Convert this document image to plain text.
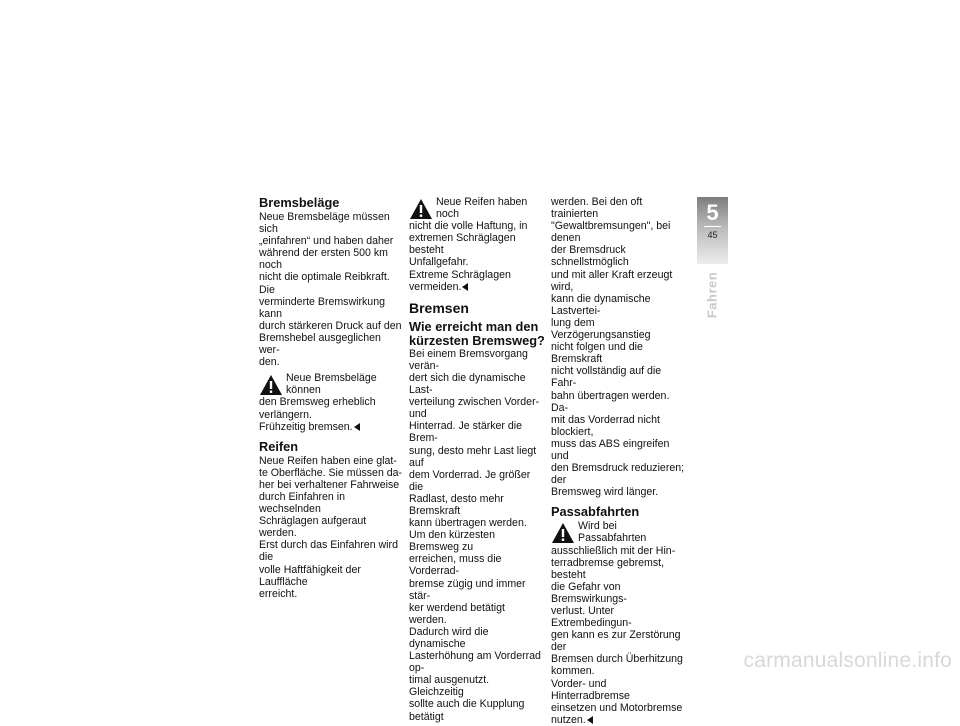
Bremsbeläge

Neue Bremsbeläge müssen sich
„einfahren“ und haben daher
während der ersten 500 km noch
nicht die optimale Reibkraft. Die
verminderte Bremswirkung kann
durch stärkeren Druck auf den
Bremshebel ausgeglichen wer-
den.

Neue Bremsbeläge können
den Bremsweg erheblich
verlängern.
Frühzeitig bremsen.
Reifen

Neue Reifen haben eine glat-
te Oberfläche. Sie müssen da-
her bei verhaltener Fahrweise
durch Einfahren in wechselnden
Schräglagen aufgeraut werden.
Erst durch das Einfahren wird die
volle Haftfähigkeit der Lauffläche
erreicht.

Neue Reifen haben noch
nicht die volle Haftung, in
extremen Schräglagen besteht
Unfallgefahr.
Extreme Schräglagen
vermeiden.
Bremsen
Wie erreicht man den
kürzesten Bremsweg?

Bei einem Bremsvorgang verän-
dert sich die dynamische Last-
verteilung zwischen Vorder- und
Hinterrad. Je stärker die Brem-
sung, desto mehr Last liegt auf
dem Vorderrad. Je größer die
Radlast, desto mehr Bremskraft
kann übertragen werden.
Um den kürzesten Bremsweg zu
erreichen, muss die Vorderrad-
bremse zügig und immer stär-
ker werdend betätigt werden.
Dadurch wird die dynamische
Lasterhöhung am Vorderrad op-
timal ausgenutzt. Gleichzeitig
sollte auch die Kupplung betätigt

werden. Bei den oft trainierten
"Gewaltbremsungen", bei denen
der Bremsdruck schnellstmöglich
und mit aller Kraft erzeugt wird,
kann die dynamische Lastvertei-
lung dem Verzögerungsanstieg
nicht folgen und die Bremskraft
nicht vollständig auf die Fahr-
bahn übertragen werden. Da-
mit das Vorderrad nicht blockiert,
muss das ABS eingreifen und
den Bremsdruck reduzieren; der
Bremsweg wird länger.

Passabfahrten
Wird bei Passabfahrten
ausschließlich mit der Hin-
terradbremse gebremst, besteht
die Gefahr von Bremswirkungs-
verlust. Unter Extrembedingun-
gen kann es zur Zerstörung der
Bremsen durch Überhitzung
kommen.
Vorder- und Hinterradbremse
einsetzen und Motorbremse
nutzen.
5
45
Fahren
carmanualsonline.info
